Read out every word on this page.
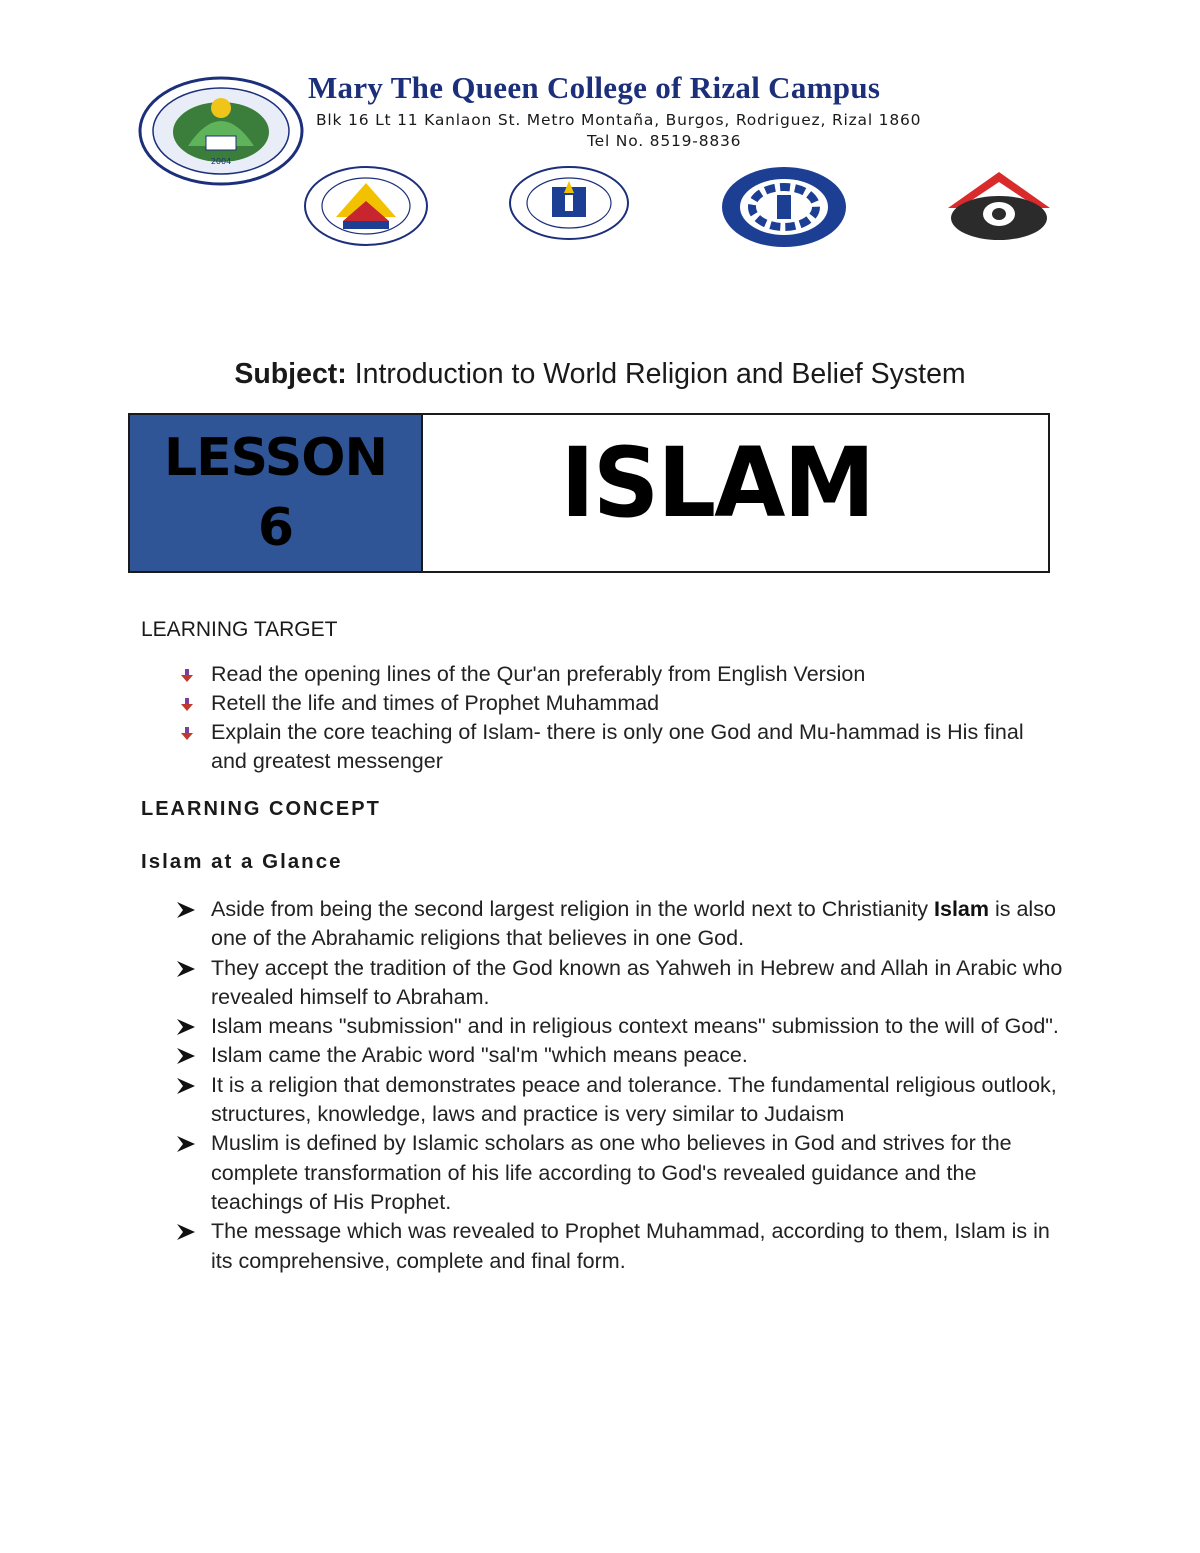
2004
Mary The Queen College of Rizal Campus
Blk 16 Lt 11 Kanlaon St. Metro Montaña, Burgos, Rodriguez, Rizal 1860
Tel No. 8519-8836
Subject: Introduction to World Religion and Belief System
LESSON
6	ISLAM
LEARNING TARGET
Read the opening lines of the Qur'an preferably from English Version
Retell the life and times of Prophet Muhammad
Explain the core teaching of Islam- there is only one God and Mu-hammad is His final and greatest messenger
LEARNING CONCEPT
Islam at a Glance
Aside from being the second largest religion in the world next to Christianity Islam is also one of the Abrahamic religions that believes in one God.
They accept the tradition of the God known as Yahweh in Hebrew and Allah in Arabic who revealed himself to Abraham.
Islam means "submission" and in religious context means" submission to the will of God".
Islam came the Arabic word "sal'm "which means peace.
It is a religion that demonstrates peace and tolerance. The fundamental religious outlook, structures, knowledge, laws and practice is very similar to Judaism
Muslim is defined by Islamic scholars as one who believes in God and strives for the complete transformation of his life according to God's revealed guidance and the teachings of His Prophet.
The message which was revealed to Prophet Muhammad, according to them, Islam is in its comprehensive, complete and final form.
